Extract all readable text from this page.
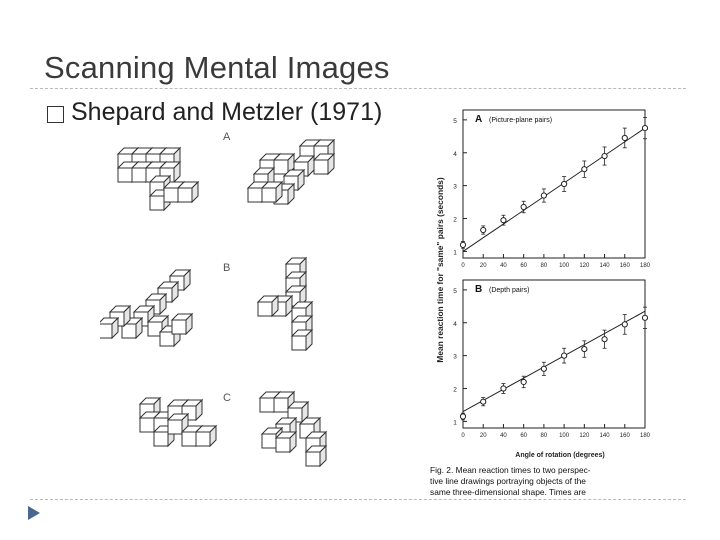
Scanning Mental Images
Shepard and Metzler (1971)
A
B
C
A (Picture-plane pairs)
1
2
3
4
5
0	20 40 60 80 100 120 140 160 180
B (Depth pairs)
1
2
3
4
5
0	20 40 60 80 100 120 140 160 180
Mean reaction time for "same" pairs (seconds)
Angle of rotation (degrees)
Fig. 2. Mean reaction times to two perspec-
tive line drawings portraying objects of the
same three-dimensional shape. Times are
